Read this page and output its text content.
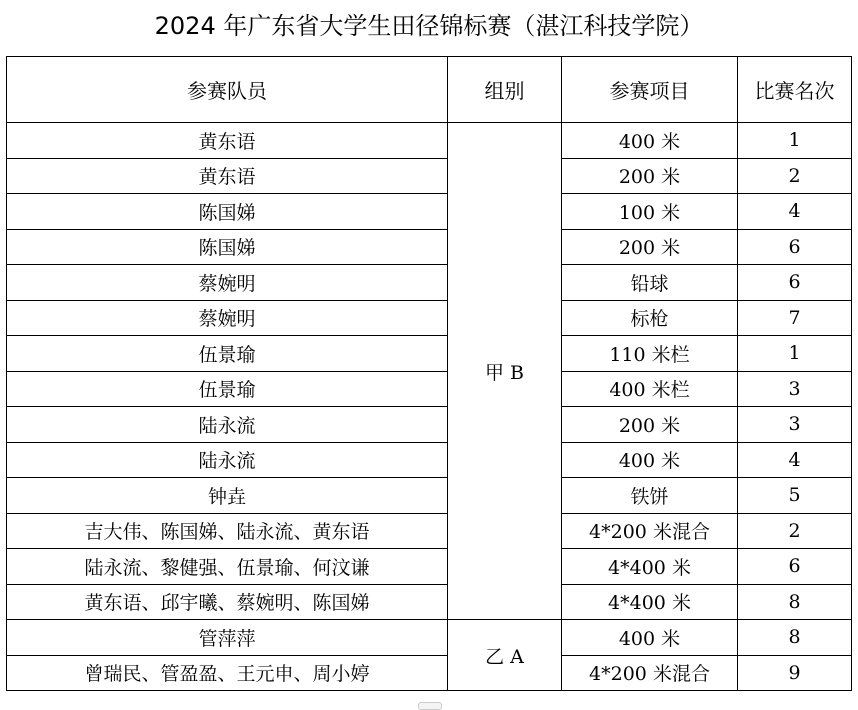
2024 年广东省大学生田径锦标赛（湛江科技学院）
参赛队员	组别	参赛项目	比赛名次
黄东语	甲 B	400 米	1
黄东语		200 米	2
陈国娣		100 米	4
陈国娣		200 米	6
蔡婉明		铅球	6
蔡婉明		标枪	7
伍景瑜		110 米栏	1
伍景瑜		400 米栏	3
陆永流		200 米	3
陆永流		400 米	4
钟垚		铁饼	5
吉大伟、陈国娣、陆永流、黄东语		4*200 米混合	2
陆永流、黎健强、伍景瑜、何汶谦		4*400 米	6
黄东语、邱宇曦、蔡婉明、陈国娣		4*400 米	8
管萍萍	乙 A	400 米	8
曾瑞民、管盈盈、王元申、周小婷		4*200 米混合	9
